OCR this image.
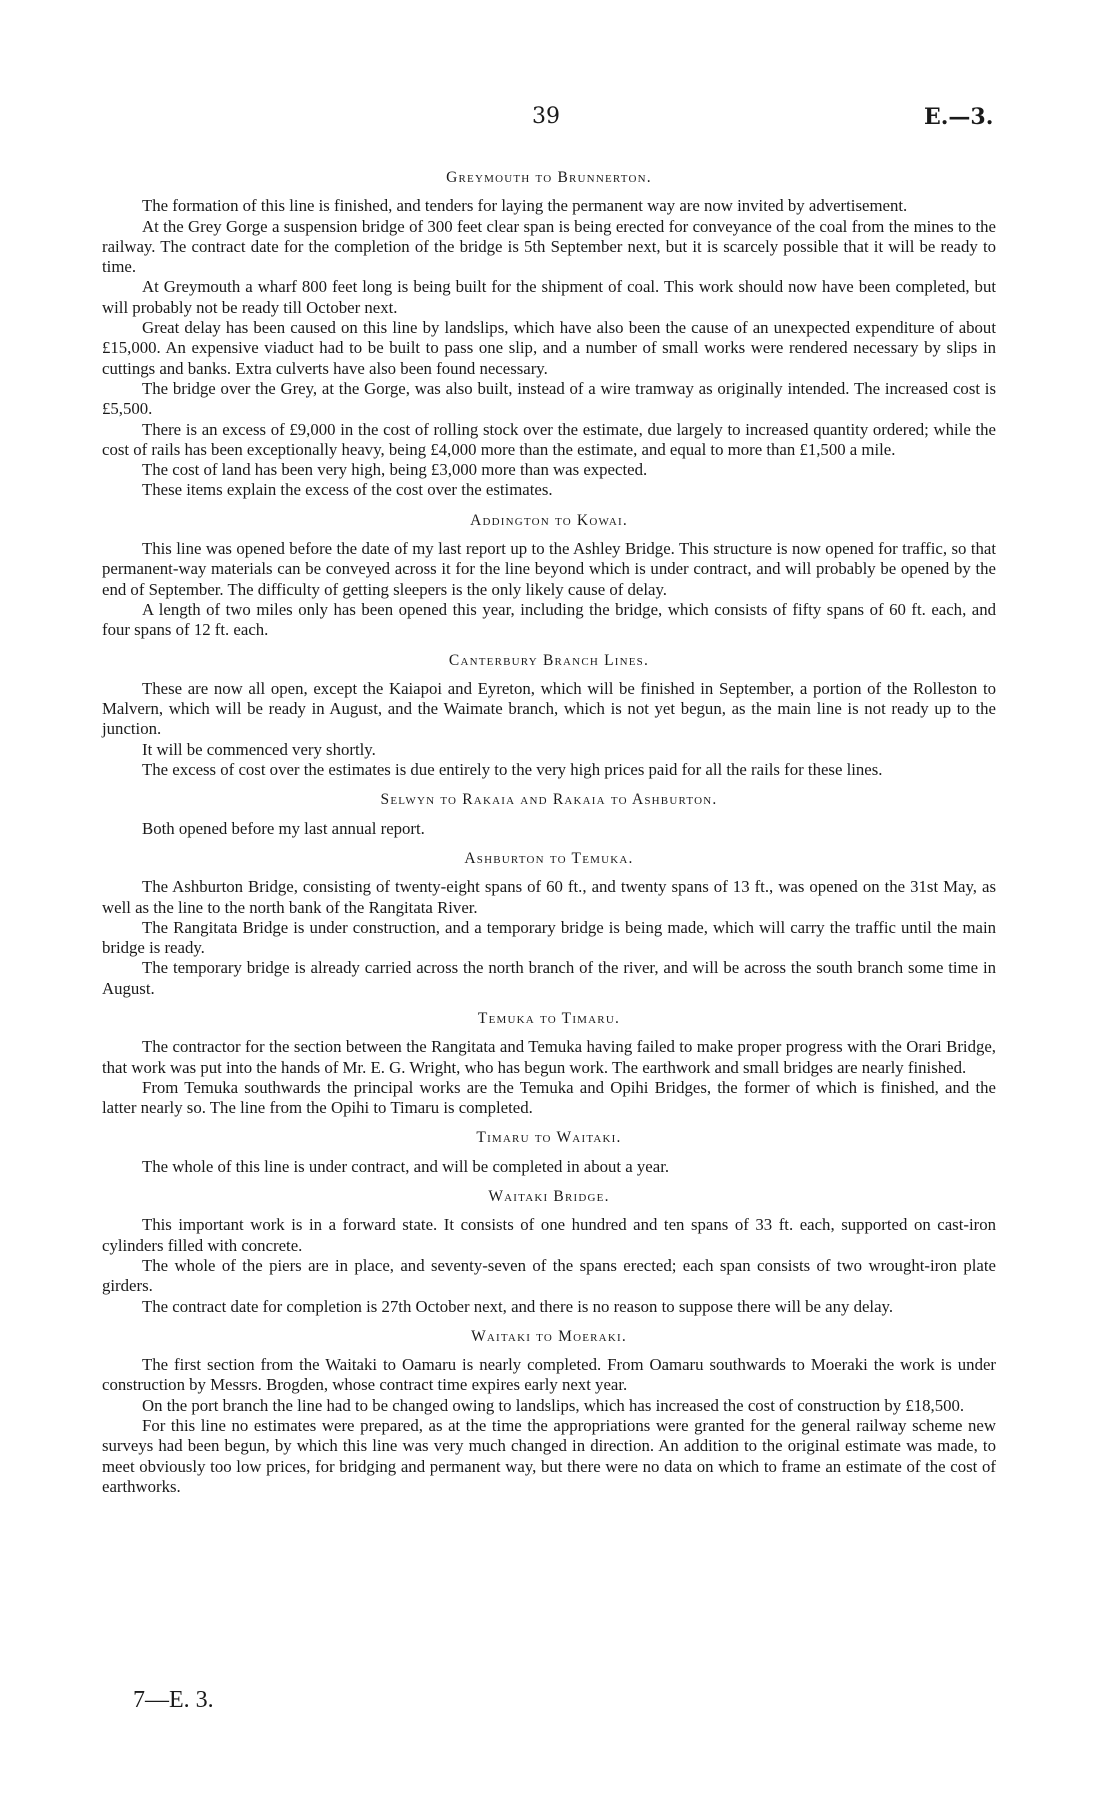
39	E.—3.
Greymouth to Brunnerton.

The formation of this line is finished, and tenders for laying the permanent way are now invited by advertisement.

At the Grey Gorge a suspension bridge of 300 feet clear span is being erected for conveyance of the coal from the mines to the railway. The contract date for the completion of the bridge is 5th September next, but it is scarcely possible that it will be ready to time.

At Greymouth a wharf 800 feet long is being built for the shipment of coal. This work should now have been completed, but will probably not be ready till October next.

Great delay has been caused on this line by landslips, which have also been the cause of an unexpected expenditure of about £15,000. An expensive viaduct had to be built to pass one slip, and a number of small works were rendered necessary by slips in cuttings and banks. Extra culverts have also been found necessary.

The bridge over the Grey, at the Gorge, was also built, instead of a wire tramway as originally intended. The increased cost is £5,500.

There is an excess of £9,000 in the cost of rolling stock over the estimate, due largely to increased quantity ordered; while the cost of rails has been exceptionally heavy, being £4,000 more than the estimate, and equal to more than £1,500 a mile.

The cost of land has been very high, being £3,000 more than was expected.

These items explain the excess of the cost over the estimates.

Addington to Kowai.

This line was opened before the date of my last report up to the Ashley Bridge. This structure is now opened for traffic, so that permanent-way materials can be conveyed across it for the line beyond which is under contract, and will probably be opened by the end of September. The difficulty of getting sleepers is the only likely cause of delay.

A length of two miles only has been opened this year, including the bridge, which consists of fifty spans of 60 ft. each, and four spans of 12 ft. each.

Canterbury Branch Lines.

These are now all open, except the Kaiapoi and Eyreton, which will be finished in September, a portion of the Rolleston to Malvern, which will be ready in August, and the Waimate branch, which is not yet begun, as the main line is not ready up to the junction.

It will be commenced very shortly.

The excess of cost over the estimates is due entirely to the very high prices paid for all the rails for these lines.

Selwyn to Rakaia and Rakaia to Ashburton.

Both opened before my last annual report.

Ashburton to Temuka.

The Ashburton Bridge, consisting of twenty-eight spans of 60 ft., and twenty spans of 13 ft., was opened on the 31st May, as well as the line to the north bank of the Rangitata River.

The Rangitata Bridge is under construction, and a temporary bridge is being made, which will carry the traffic until the main bridge is ready.

The temporary bridge is already carried across the north branch of the river, and will be across the south branch some time in August.

Temuka to Timaru.

The contractor for the section between the Rangitata and Temuka having failed to make proper progress with the Orari Bridge, that work was put into the hands of Mr. E. G. Wright, who has begun work. The earthwork and small bridges are nearly finished.

From Temuka southwards the principal works are the Temuka and Opihi Bridges, the former of which is finished, and the latter nearly so. The line from the Opihi to Timaru is completed.

Timaru to Waitaki.

The whole of this line is under contract, and will be completed in about a year.

Waitaki Bridge.

This important work is in a forward state. It consists of one hundred and ten spans of 33 ft. each, supported on cast-iron cylinders filled with concrete.

The whole of the piers are in place, and seventy-seven of the spans erected; each span consists of two wrought-iron plate girders.

The contract date for completion is 27th October next, and there is no reason to suppose there will be any delay.

Waitaki to Moeraki.

The first section from the Waitaki to Oamaru is nearly completed. From Oamaru southwards to Moeraki the work is under construction by Messrs. Brogden, whose contract time expires early next year.

On the port branch the line had to be changed owing to landslips, which has increased the cost of construction by £18,500.

For this line no estimates were prepared, as at the time the appropriations were granted for the general railway scheme new surveys had been begun, by which this line was very much changed in direction. An addition to the original estimate was made, to meet obviously too low prices, for bridging and permanent way, but there were no data on which to frame an estimate of the cost of earthworks.

7—E. 3.
